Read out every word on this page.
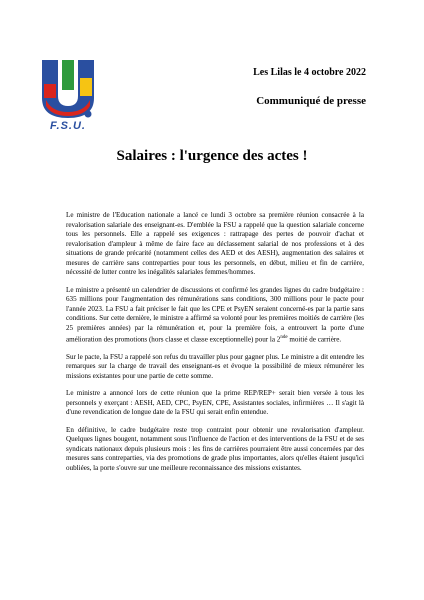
F.S.U.
Les Lilas le 4 octobre 2022
Communiqué de presse
Salaires : l'urgence des actes !

Le ministre de l'Education nationale a lancé ce lundi 3 octobre sa première réunion consacrée à la revalorisation salariale des enseignant-es. D'emblée la FSU a rappelé que la question salariale concerne tous les personnels. Elle a rappelé ses exigences : rattrapage des pertes de pouvoir d'achat et revalorisation d'ampleur à même de faire face au déclassement salarial de nos professions et à des situations de grande précarité (notamment celles des AED et des AESH), augmentation des salaires et mesures de carrière sans contreparties pour tous les personnels, en début, milieu et fin de carrière, nécessité de lutter contre les inégalités salariales femmes/hommes.

Le ministre a présenté un calendrier de discussions et confirmé les grandes lignes du cadre budgétaire : 635 millions pour l'augmentation des rémunérations sans conditions, 300 millions pour le pacte pour l'année 2023. La FSU a fait préciser le fait que les CPE et PsyEN seraient concerné-es par la partie sans conditions. Sur cette dernière, le ministre a affirmé sa volonté pour les premières moitiés de carrière (les 25 premières années) par la rémunération et, pour la première fois, a entrouvert la porte d'une amélioration des promotions (hors classe et classe exceptionnelle) pour la 2nde moitié de carrière.

Sur le pacte, la FSU a rappelé son refus du travailler plus pour gagner plus. Le ministre a dit entendre les remarques sur la charge de travail des enseignant-es et évoque la possibilité de mieux rémunérer les missions existantes pour une partie de cette somme.

Le ministre a annoncé lors de cette réunion que la prime REP/REP+ serait bien versée à tous les personnels y exerçant : AESH, AED, CPC, PsyEN, CPE, Assistantes sociales, infirmières … Il s'agit là d'une revendication de longue date de la FSU qui serait enfin entendue.

En définitive, le cadre budgétaire reste trop contraint pour obtenir une revalorisation d'ampleur. Quelques lignes bougent, notamment sous l'influence de l'action et des interventions de la FSU et de ses syndicats nationaux depuis plusieurs mois : les fins de carrières pourraient être aussi concernées par des mesures sans contreparties, via des promotions de grade plus importantes, alors qu'elles étaient jusqu'ici oubliées, la porte s'ouvre sur une meilleure reconnaissance des missions existantes.
